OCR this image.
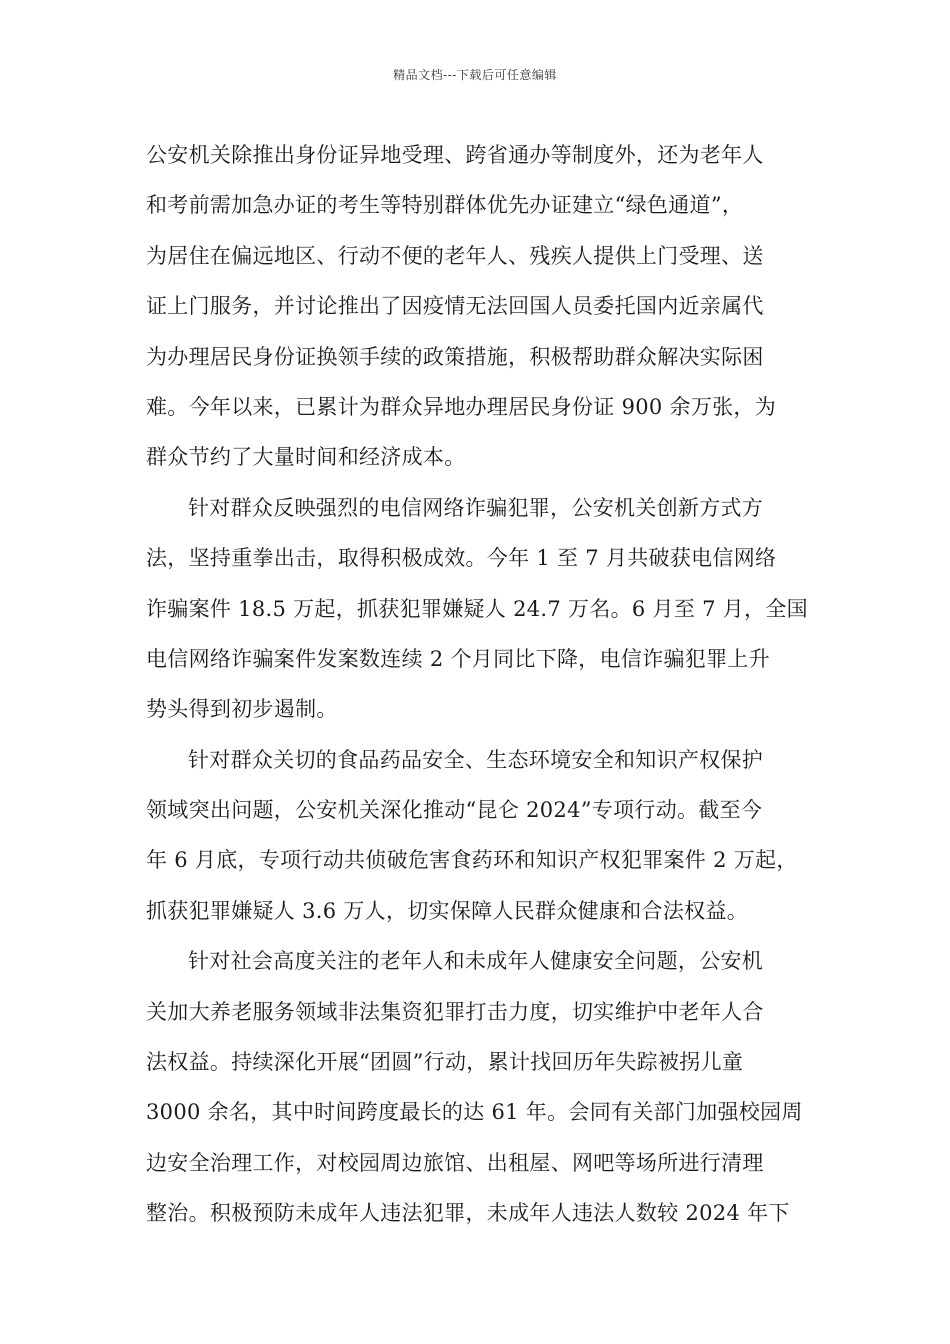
精品文档---下载后可任意编辑
公安机关除推出身份证异地受理、跨省通办等制度外，还为老年人
和考前需加急办证的考生等特别群体优先办证建立“绿色通道”，
为居住在偏远地区、行动不便的老年人、残疾人提供上门受理、送
证上门服务，并讨论推出了因疫情无法回国人员委托国内近亲属代
为办理居民身份证换领手续的政策措施，积极帮助群众解决实际困
难。今年以来，已累计为群众异地办理居民身份证 900 余万张，为
群众节约了大量时间和经济成本。
针对群众反映强烈的电信网络诈骗犯罪，公安机关创新方式方
法，坚持重拳出击，取得积极成效。今年 1 至 7 月共破获电信网络
诈骗案件 18.5 万起，抓获犯罪嫌疑人 24.7 万名。6 月至 7 月，全国
电信网络诈骗案件发案数连续 2 个月同比下降，电信诈骗犯罪上升
势头得到初步遏制。
针对群众关切的食品药品安全、生态环境安全和知识产权保护
领域突出问题，公安机关深化推动“昆仑 2024”专项行动。截至今
年 6 月底，专项行动共侦破危害食药环和知识产权犯罪案件 2 万起，
抓获犯罪嫌疑人 3.6 万人，切实保障人民群众健康和合法权益。
针对社会高度关注的老年人和未成年人健康安全问题，公安机
关加大养老服务领域非法集资犯罪打击力度，切实维护中老年人合
法权益。持续深化开展“团圆”行动，累计找回历年失踪被拐儿童
3000 余名，其中时间跨度最长的达 61 年。会同有关部门加强校园周
边安全治理工作，对校园周边旅馆、出租屋、网吧等场所进行清理
整治。积极预防未成年人违法犯罪，未成年人违法人数较 2024 年下
